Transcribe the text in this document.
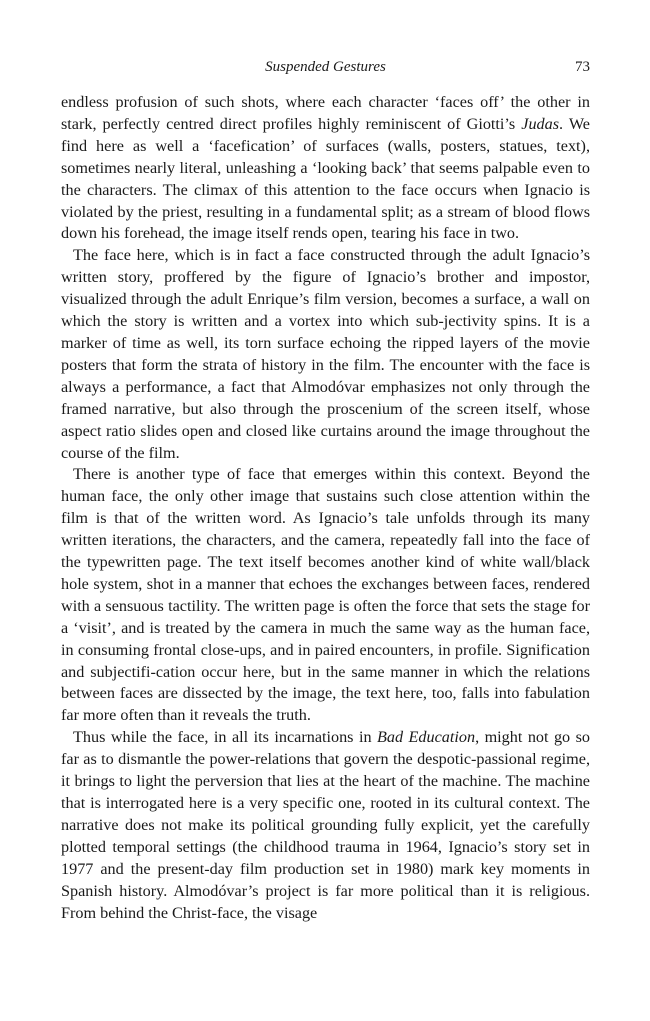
Suspended Gestures	73

endless profusion of such shots, where each character ‘faces off’ the other in stark, perfectly centred direct profiles highly reminiscent of Giotti’s Judas. We find here as well a ‘facefication’ of surfaces (walls, posters, statues, text), sometimes nearly literal, unleashing a ‘looking back’ that seems palpable even to the characters. The climax of this attention to the face occurs when Ignacio is violated by the priest, resulting in a fundamental split; as a stream of blood flows down his forehead, the image itself rends open, tearing his face in two.

The face here, which is in fact a face constructed through the adult Ignacio’s written story, proffered by the figure of Ignacio’s brother and impostor, visualized through the adult Enrique’s film version, becomes a surface, a wall on which the story is written and a vortex into which sub-jectivity spins. It is a marker of time as well, its torn surface echoing the ripped layers of the movie posters that form the strata of history in the film. The encounter with the face is always a performance, a fact that Almodóvar emphasizes not only through the framed narrative, but also through the proscenium of the screen itself, whose aspect ratio slides open and closed like curtains around the image throughout the course of the film.

There is another type of face that emerges within this context. Beyond the human face, the only other image that sustains such close attention within the film is that of the written word. As Ignacio’s tale unfolds through its many written iterations, the characters, and the camera, repeatedly fall into the face of the typewritten page. The text itself becomes another kind of white wall/black hole system, shot in a manner that echoes the exchanges between faces, rendered with a sensuous tactility. The written page is often the force that sets the stage for a ‘visit’, and is treated by the camera in much the same way as the human face, in consuming frontal close-ups, and in paired encounters, in profile. Signification and subjectifi-cation occur here, but in the same manner in which the relations between faces are dissected by the image, the text here, too, falls into fabulation far more often than it reveals the truth.

Thus while the face, in all its incarnations in Bad Education, might not go so far as to dismantle the power-relations that govern the despotic-passional regime, it brings to light the perversion that lies at the heart of the machine. The machine that is interrogated here is a very specific one, rooted in its cultural context. The narrative does not make its political grounding fully explicit, yet the carefully plotted temporal settings (the childhood trauma in 1964, Ignacio’s story set in 1977 and the present-day film production set in 1980) mark key moments in Spanish history. Almodóvar’s project is far more political than it is religious. From behind the Christ-face, the visage
